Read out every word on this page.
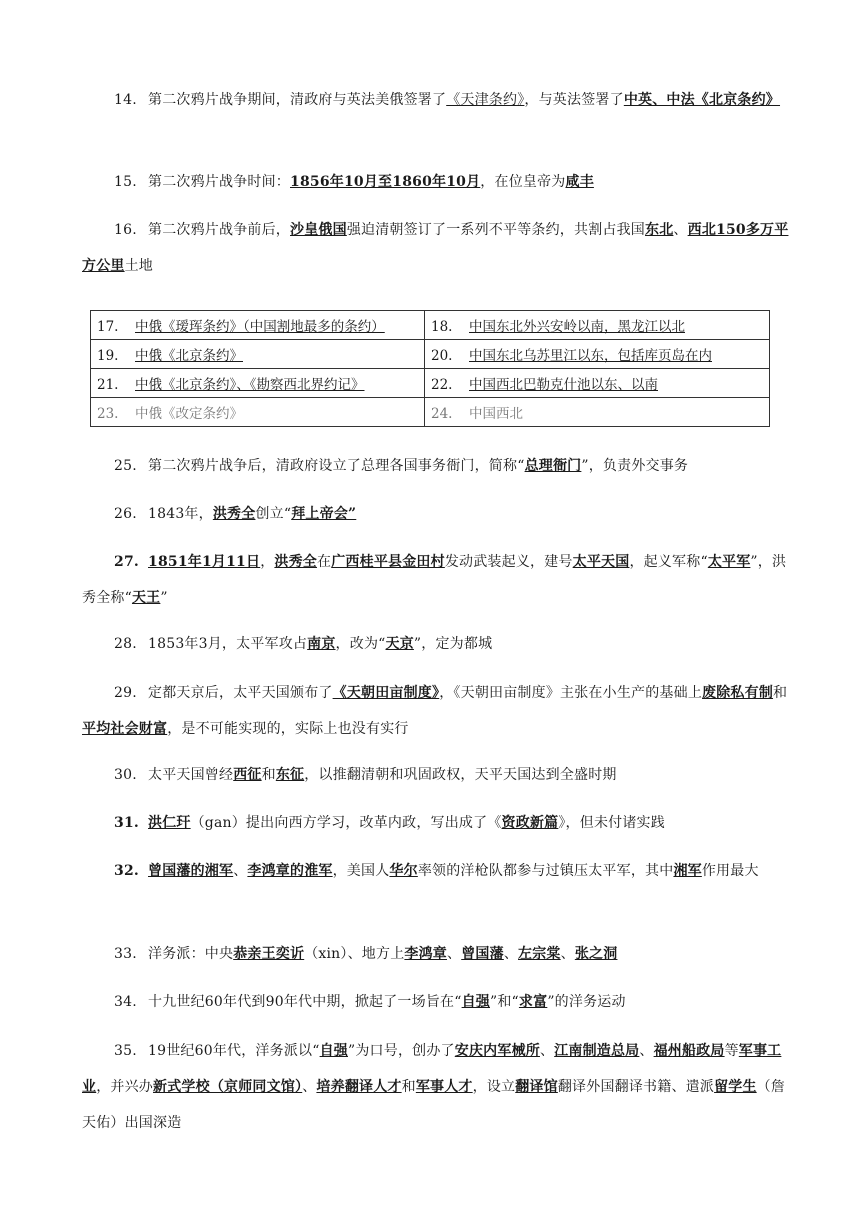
14. 第二次鸦片战争期间，清政府与英法美俄签署了《天津条约》，与英法签署了中英、中法《北京条约》

15. 第二次鸦片战争时间：1856年10月至1860年10月，在位皇帝为咸丰

16. 第二次鸦片战争前后，沙皇俄国强迫清朝签订了一系列不平等条约，共割占我国东北、西北150多万平方公里土地

17. 中俄《瑷珲条约》（中国割地最多的条约）	18. 中国东北外兴安岭以南，黑龙江以北
19. 中俄《北京条约》	20. 中国东北乌苏里江以东，包括库页岛在内
21. 中俄《北京条约》、《勘察西北界约记》	22. 中国西北巴勒克什池以东、以南
23. 中俄《改定条约》	24. 中国西北

25. 第二次鸦片战争后，清政府设立了总理各国事务衙门，简称“总理衙门”，负责外交事务

26. 1843年，洪秀全创立“拜上帝会”

27. 1851年1月11日，洪秀全在广西桂平县金田村发动武装起义，建号太平天国，起义军称“太平军”，洪秀全称“天王”

28. 1853年3月，太平军攻占南京，改为“天京”，定为都城

29. 定都天京后，太平天国颁布了《天朝田亩制度》，《天朝田亩制度》主张在小生产的基础上废除私有制和平均社会财富，是不可能实现的，实际上也没有实行

30. 太平天国曾经西征和东征，以推翻清朝和巩固政权，天平天国达到全盛时期

31. 洪仁玕（gan）提出向西方学习，改革内政，写出成了《资政新篇》，但未付诸实践

32. 曾国藩的湘军、李鸿章的淮军，美国人华尔率领的洋枪队都参与过镇压太平军，其中湘军作用最大

33. 洋务派：中央恭亲王奕䜣（xin）、地方上李鸿章、曾国藩、左宗棠、张之洞

34. 十九世纪60年代到90年代中期，掀起了一场旨在“自强”和“求富”的洋务运动

35. 19世纪60年代，洋务派以“自强”为口号，创办了安庆内军械所、江南制造总局、福州船政局等军事工业，并兴办新式学校（京师同文馆）、培养翻译人才和军事人才，设立翻译馆翻译外国翻译书籍、遣派留学生（詹天佑）出国深造
